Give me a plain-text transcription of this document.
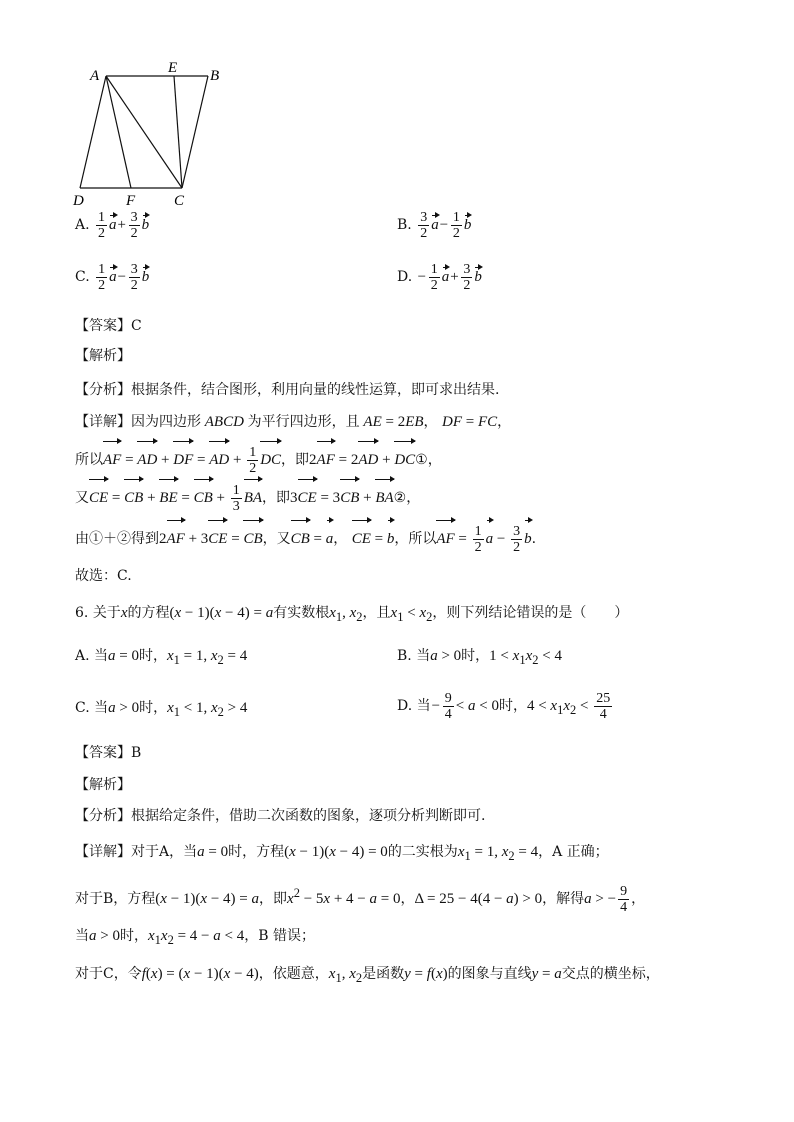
A	E B
D	F	C
A. $\frac{1}{2} a+ \frac{3}{2}$ b	B. $\frac{3}{2} a- \frac{1}{2}$ b
C. $\frac{1}{2} a- \frac{3}{2}$ b	D. − $\frac{1}{2} a+ \frac{3}{2}$ b
【答案】C
【解析】
【分析】根据条件，结合图形，利用向量的线性运算，即可求出结果.
【详解】因为四边形 ABCD 为平行四边形，且 AE = 2EB， DF = FC，
所以AF = AD + DF = AD + $\frac{1}{2}$ DC，即2AF = 2AD + DC①，
又CE = CB + BE = CB + $\frac{1}{3}$ BA，即3CE = 3CB + BA②，
由①＋②得到2AF + 3CE = CB，又CB = a， CE = b，所以AF = $\frac{1}{2}$ $a - \frac{3}{2} b$.
故选：C.
6. 关于x的方程(x − 1)(x − 4) = a有实数根$x_1$, $x_2$，且$x_1 < x_2$，则下列结论错误的是（　　）
A. 当a = 0时，$x_1 = 1$, $x_2 = 4$	B. 当a > 0时，$1 < x_1x_2 < 4$
C. 当a > 0时，$x_1 < 1$, $x_2 > 4$	D. 当− $\frac{9}{4} < a < 0$时，$4 < x_1x_2 < \frac{25}{4}$
【答案】B
【解析】
【分析】根据给定条件，借助二次函数的图象，逐项分析判断即可.
【详解】对于A，当a = 0时，方程(x − 1)(x − 4) = 0的二实根为$x_1 = 1$, $x_2 = 4$，A 正确；
对于B，方程(x − 1)(x − 4) = a，即$x^2 - 5x + 4 - a = 0$，Δ = 25 − 4(4 − a) > 0，解得a > − $\frac{9}{4}$ ，
当a > 0时，$x_1x_2 = 4 - a < 4$，B 错误；
对于C，令f(x) = (x − 1)(x − 4)，依题意，$x_1$, $x_2$是函数y = f(x)的图象与直线y = a交点的横坐标，
